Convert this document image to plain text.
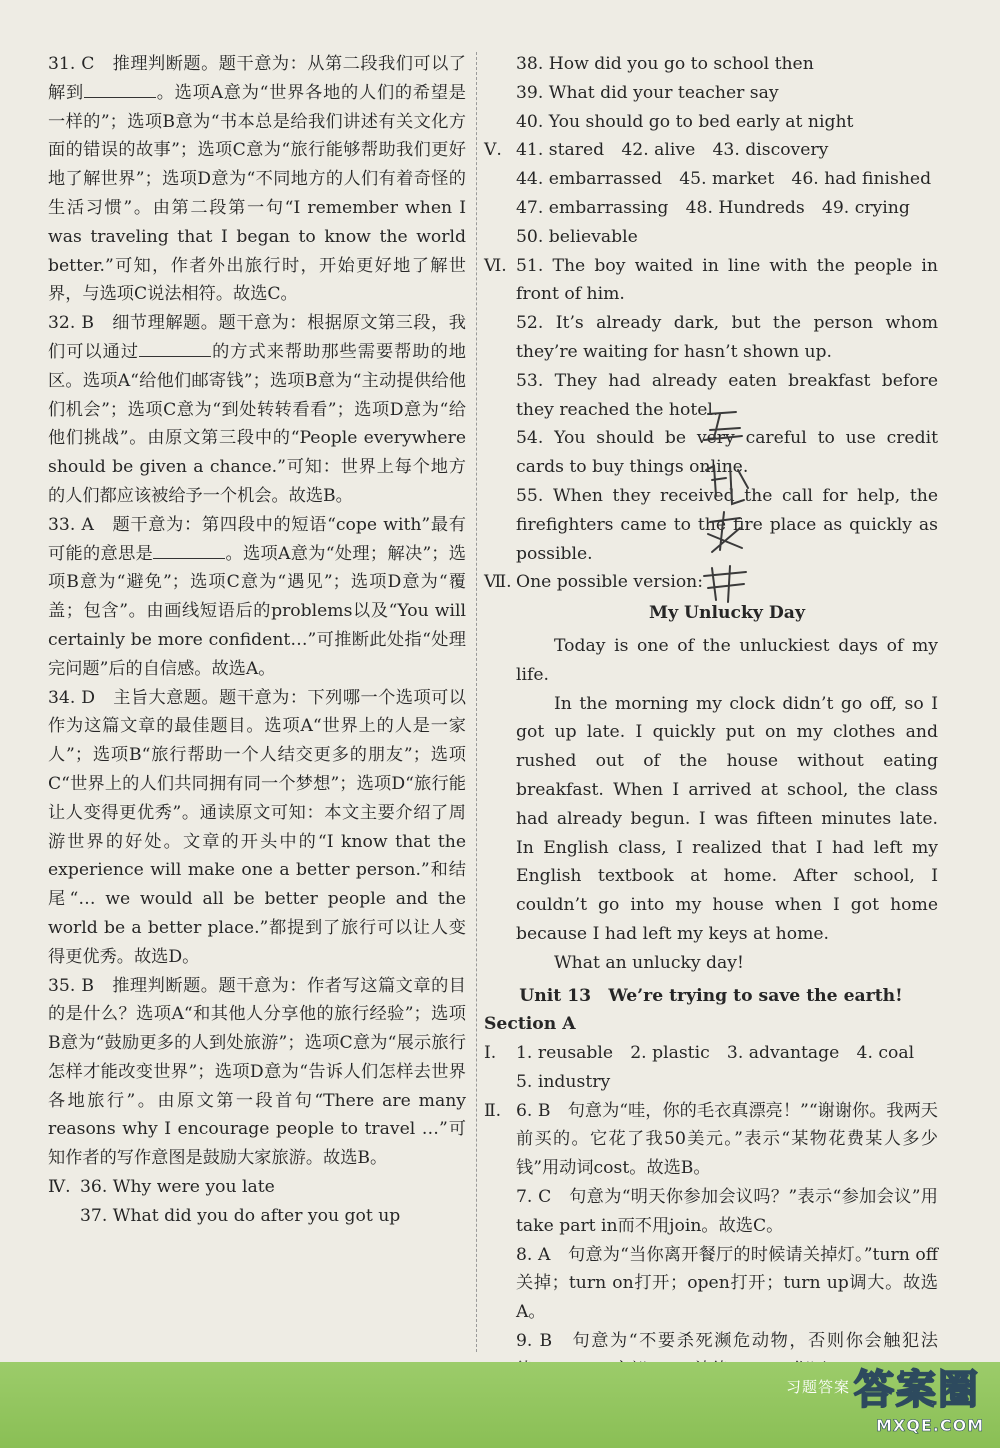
31. C　推理判断题。题干意为：从第二段我们可以了解到	。选项A意为“世界各地的人们的希望是一样的”；选项B意为“书本总是给我们讲述有关文化方面的错误的故事”；选项C意为“旅行能够帮助我们更好地了解世界”；选项D意为“不同地方的人们有着奇怪的生活习惯”。由第二段第一句“I remember when I was traveling that I began to know the world better.”可知，作者外出旅行时，开始更好地了解世界，与选项C说法相符。故选C。

32. B　细节理解题。题干意为：根据原文第三段，我们可以通过	的方式来帮助那些需要帮助的地区。选项A“给他们邮寄钱”；选项B意为“主动提供给他们机会”；选项C意为“到处转转看看”；选项D意为“给他们挑战”。由原文第三段中的“People everywhere should be given a chance.”可知：世界上每个地方的人们都应该被给予一个机会。故选B。

33. A　题干意为：第四段中的短语“cope with”最有可能的意思是	。选项A意为“处理；解决”；选项B意为“避免”；选项C意为“遇见”；选项D意为“覆盖；包含”。由画线短语后的problems以及“You will certainly be more confident…”可推断此处指“处理完问题”后的自信感。故选A。

34. D　主旨大意题。题干意为：下列哪一个选项可以作为这篇文章的最佳题目。选项A“世界上的人是一家人”；选项B“旅行帮助一个人结交更多的朋友”；选项C“世界上的人们共同拥有同一个梦想”；选项D“旅行能让人变得更优秀”。通读原文可知：本文主要介绍了周游世界的好处。文章的开头中的“I know that the experience will make one a better person.”和结尾“… we would all be better people and the world be a better place.”都提到了旅行可以让人变得更优秀。故选D。

35. B　推理判断题。题干意为：作者写这篇文章的目的是什么？选项A“和其他人分享他的旅行经验”；选项B意为“鼓励更多的人到处旅游”；选项C意为“展示旅行怎样才能改变世界”；选项D意为“告诉人们怎样去世界各地旅行”。由原文第一段首句“There are many reasons why I encourage people to travel …”可知作者的写作意图是鼓励大家旅游。故选B。

Ⅳ. 36. Why were you late
37. What did you do after you got up
38. How did you go to school then
39. What did your teacher say
40. You should go to bed early at night
Ⅴ. 41. stared　42. alive　43. discovery
44. embarrassed　45. market　46. had finished
47. embarrassing　48. Hundreds　49. crying
50. believable
Ⅵ. 51. The boy waited in line with the people in front of him.

52. It’s already dark, but the person whom they’re waiting for hasn’t shown up.

53. They had already eaten breakfast before they reached the hotel.

54. You should be very careful to use credit cards to buy things online.

55. When they received the call for help, the firefighters came to the fire place as quickly as possible.

Ⅶ. One possible version:
My Unlucky Day

Today is one of the unluckiest days of my life.

In the morning my clock didn’t go off, so I got up late. I quickly put on my clothes and rushed out of the house without eating breakfast. When I arrived at school, the class had already begun. I was fifteen minutes late. In English class, I realized that I had left my English textbook at home. After school, I couldn’t go into my house when I got home because I had left my keys at home.

What an unlucky day!

Unit 13　We’re trying to save the earth!
Section A
Ⅰ.	1. reusable　2. plastic　3. advantage　4. coal
5. industry
Ⅱ. 6. B　句意为“哇，你的毛衣真漂亮！”“谢谢你。我两天前买的。它花了我50美元。”表示“某物花费某人多少钱”用动词cost。故选B。

7. C　句意为“明天你参加会议吗？”表示“参加会议”用take part in而不用join。故选C。

8. A　句意为“当你离开餐厅的时候请关掉灯。”turn off关掉；turn on打开；open打开；turn up调大。故选A。

9. B　句意为“不要杀死濒危动物，否则你会触犯法

习题答案 答案圈
MXQE.COM
